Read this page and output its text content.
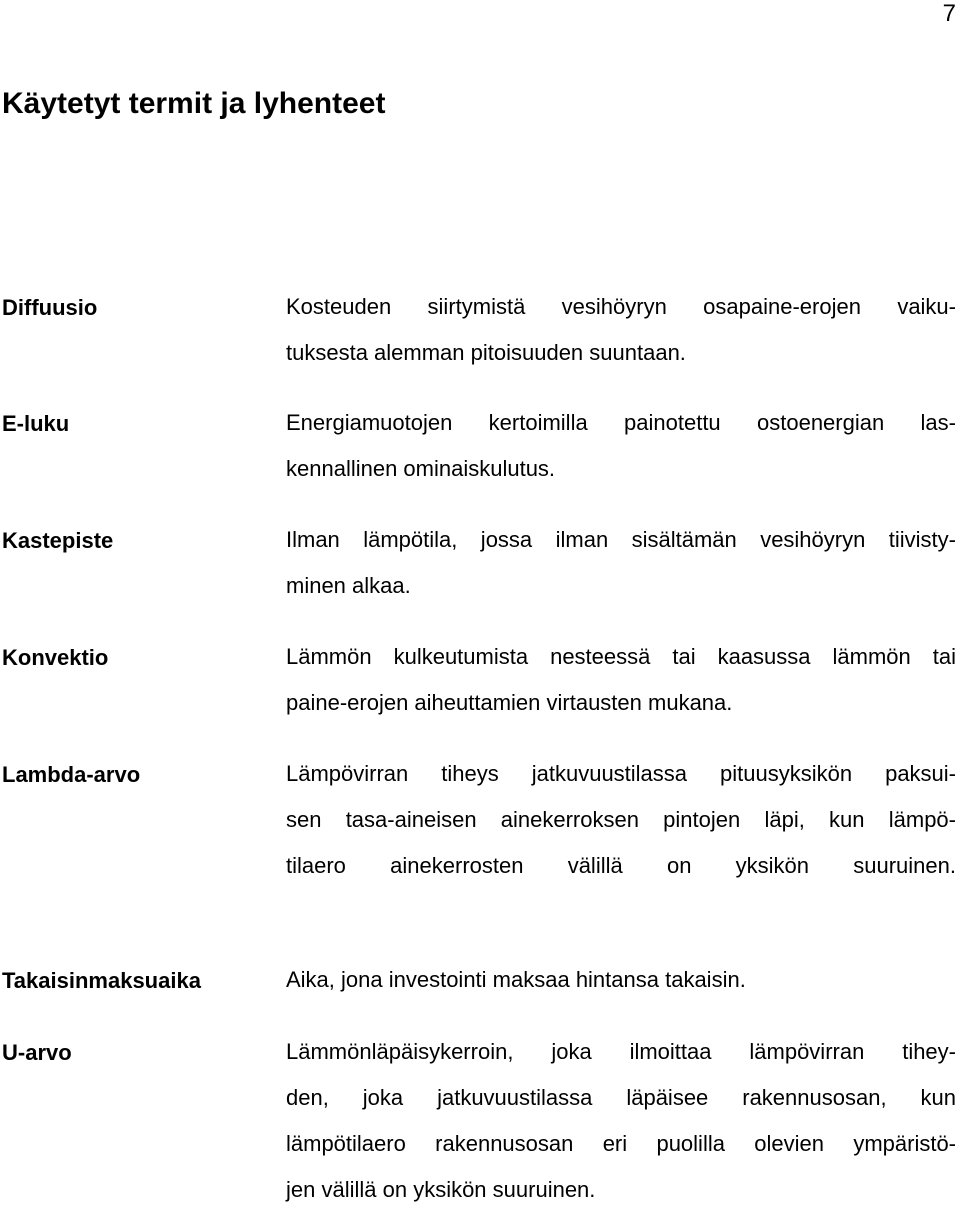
7
Käytetyt termit ja lyhenteet
Diffuusio	Kosteuden siirtymistä vesihöyryn osapaine-erojen vaiku-
tuksesta alemman pitoisuuden suuntaan.
E-luku	Energiamuotojen kertoimilla painotettu ostoenergian las-
kennallinen ominaiskulutus.
Kastepiste	Ilman lämpötila, jossa ilman sisältämän vesihöyryn tiivisty-
minen alkaa.
Konvektio	Lämmön kulkeutumista nesteessä tai kaasussa lämmön tai
paine-erojen aiheuttamien virtausten mukana.
Lambda-arvo	Lämpövirran tiheys jatkuvuustilassa pituusyksikön paksui-
sen tasa-aineisen ainekerroksen pintojen läpi, kun lämpö-
tilaero ainekerrosten välillä on yksikön suuruinen.
Takaisinmaksuaika	Aika, jona investointi maksaa hintansa takaisin.
U-arvo	Lämmönläpäisykerroin, joka ilmoittaa lämpövirran tihey-
den, joka jatkuvuustilassa läpäisee rakennusosan, kun
lämpötilaero rakennusosan eri puolilla olevien ympäristö-
jen välillä on yksikön suuruinen.
